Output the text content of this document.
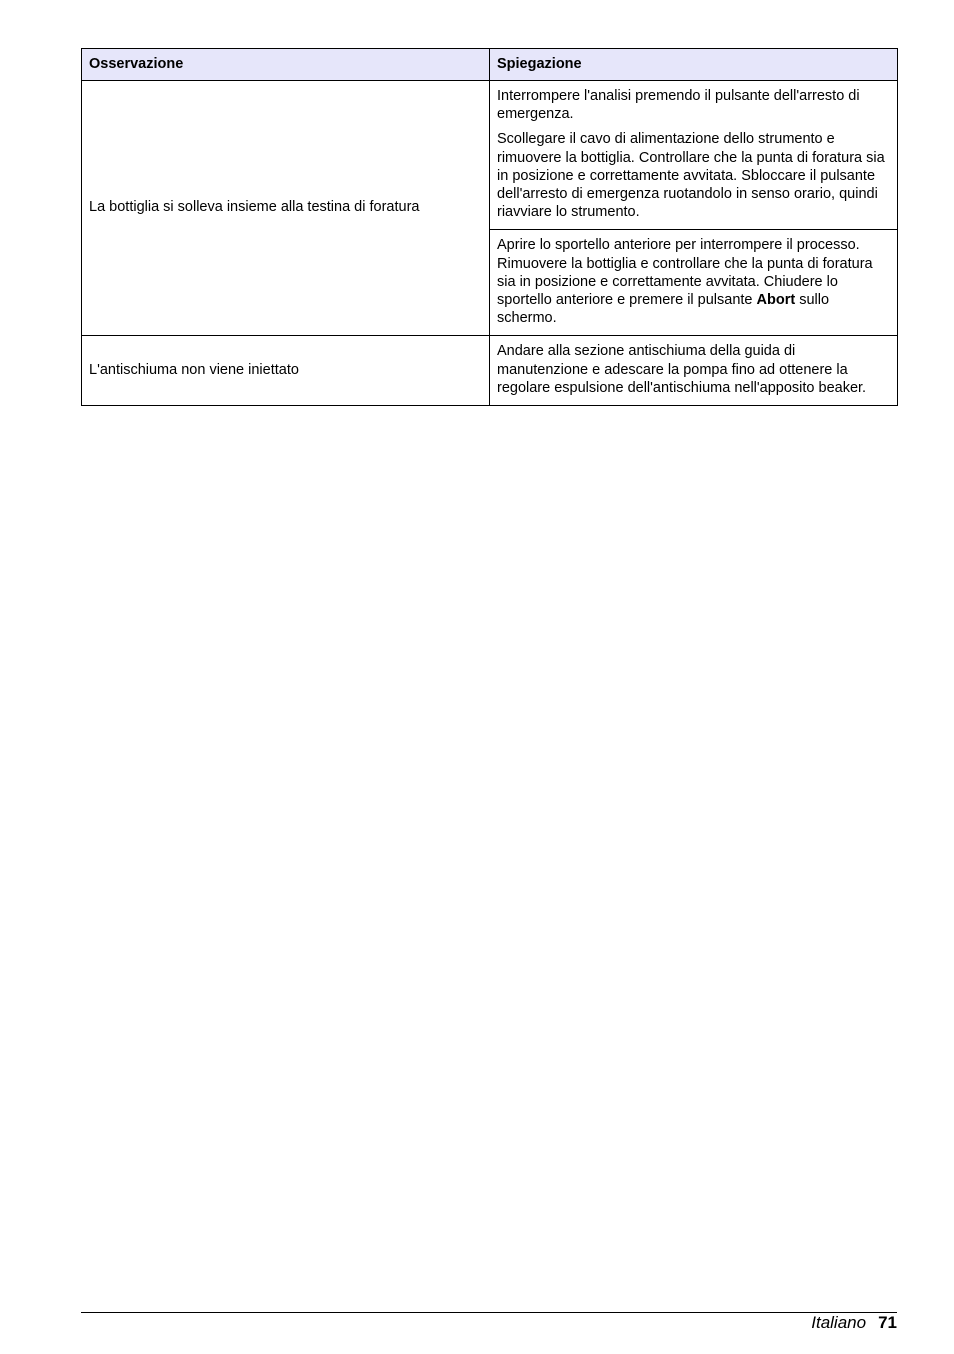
Osservazione	Spiegazione
La bottiglia si solleva insieme alla testina di foratura	Interrompere l'analisi premendo il pulsante dell'arresto di emergenza.

Scollegare il cavo di alimentazione dello strumento e rimuovere la bottiglia. Controllare che la punta di foratura sia in posizione e correttamente avvitata. Sbloccare il pulsante dell'arresto di emergenza ruotandolo in senso orario, quindi riavviare lo strumento.

	Aprire lo sportello anteriore per interrompere il processo. Rimuovere la bottiglia e controllare che la punta di foratura sia in posizione e correttamente avvitata. Chiudere lo sportello anteriore e premere il pulsante Abort sullo schermo.

L'antischiuma non viene iniettato	Andare alla sezione antischiuma della guida di manutenzione e adescare la pompa fino ad ottenere la regolare espulsione dell'antischiuma nell'apposito beaker.

Italiano 71
